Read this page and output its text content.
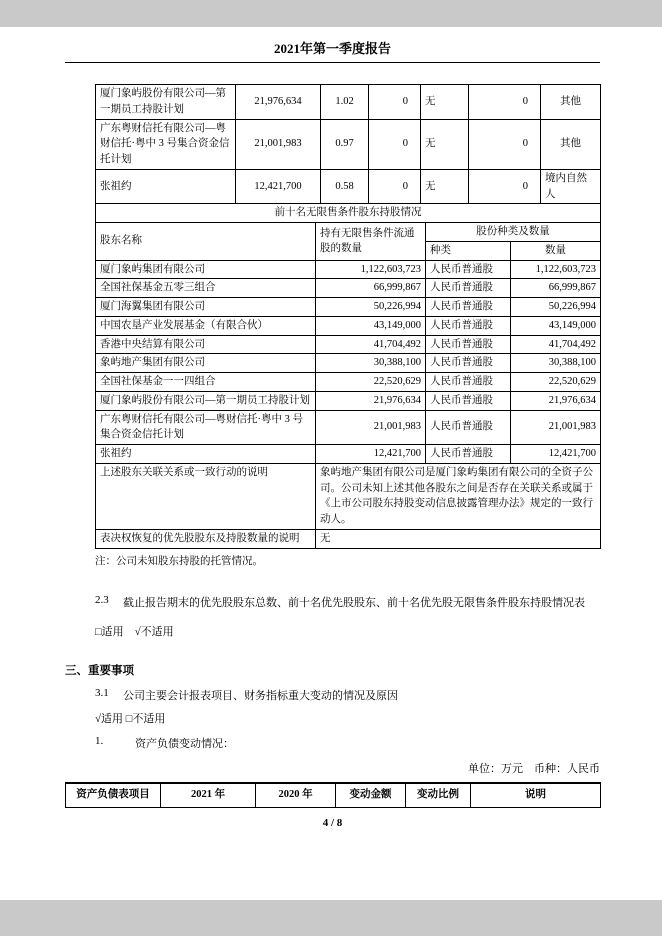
2021年第一季度报告
厦门象屿股份有限公司—第一期员工持股计划	21,976,634	1.02	0	无	0	其他
广东粤财信托有限公司—粤财信托·粤中 3 号集合资金信托计划	21,001,983	0.97	0	无	0	其他
张祖约	12,421,700	0.58	0	无	0	境内自然人
前十名无限售条件股东持股情况			
股东名称	持有无限售条件流通股的数量	股份种类及数量	
		种类	数量
厦门象屿集团有限公司	1,122,603,723	人民币普通股	1,122,603,723
全国社保基金五零三组合	66,999,867	人民币普通股	66,999,867
厦门海翼集团有限公司	50,226,994	人民币普通股	50,226,994
中国农垦产业发展基金（有限合伙）	43,149,000	人民币普通股	43,149,000
香港中央结算有限公司	41,704,492	人民币普通股	41,704,492
象屿地产集团有限公司	30,388,100	人民币普通股	30,388,100
全国社保基金一一四组合	22,520,629	人民币普通股	22,520,629
厦门象屿股份有限公司—第一期员工持股计划	21,976,634	人民币普通股	21,976,634
广东粤财信托有限公司—粤财信托·粤中 3 号集合资金信托计划	21,001,983	人民币普通股	21,001,983
张祖约	12,421,700	人民币普通股	12,421,700
上述股东关联关系或一致行动的说明	象屿地产集团有限公司是厦门象屿集团有限公司的全资子公司。公司未知上述其他各股东之间是否存在关联关系或属于《上市公司股东持股变动信息披露管理办法》规定的一致行动人。		
表决权恢复的优先股股东及持股数量的说明	无		
注：公司未知股东持股的托管情况。
2.3	截止报告期末的优先股股东总数、前十名优先股股东、前十名优先股无限售条件股东持股情况表
□适用　√不适用
三、重要事项
3.1	公司主要会计报表项目、财务指标重大变动的情况及原因
√适用 □不适用
1.	资产负债变动情况：
单位：万元　币种：人民币
资产负债表项目	2021 年	2020 年	变动金额	变动比例	说明
4 / 8
